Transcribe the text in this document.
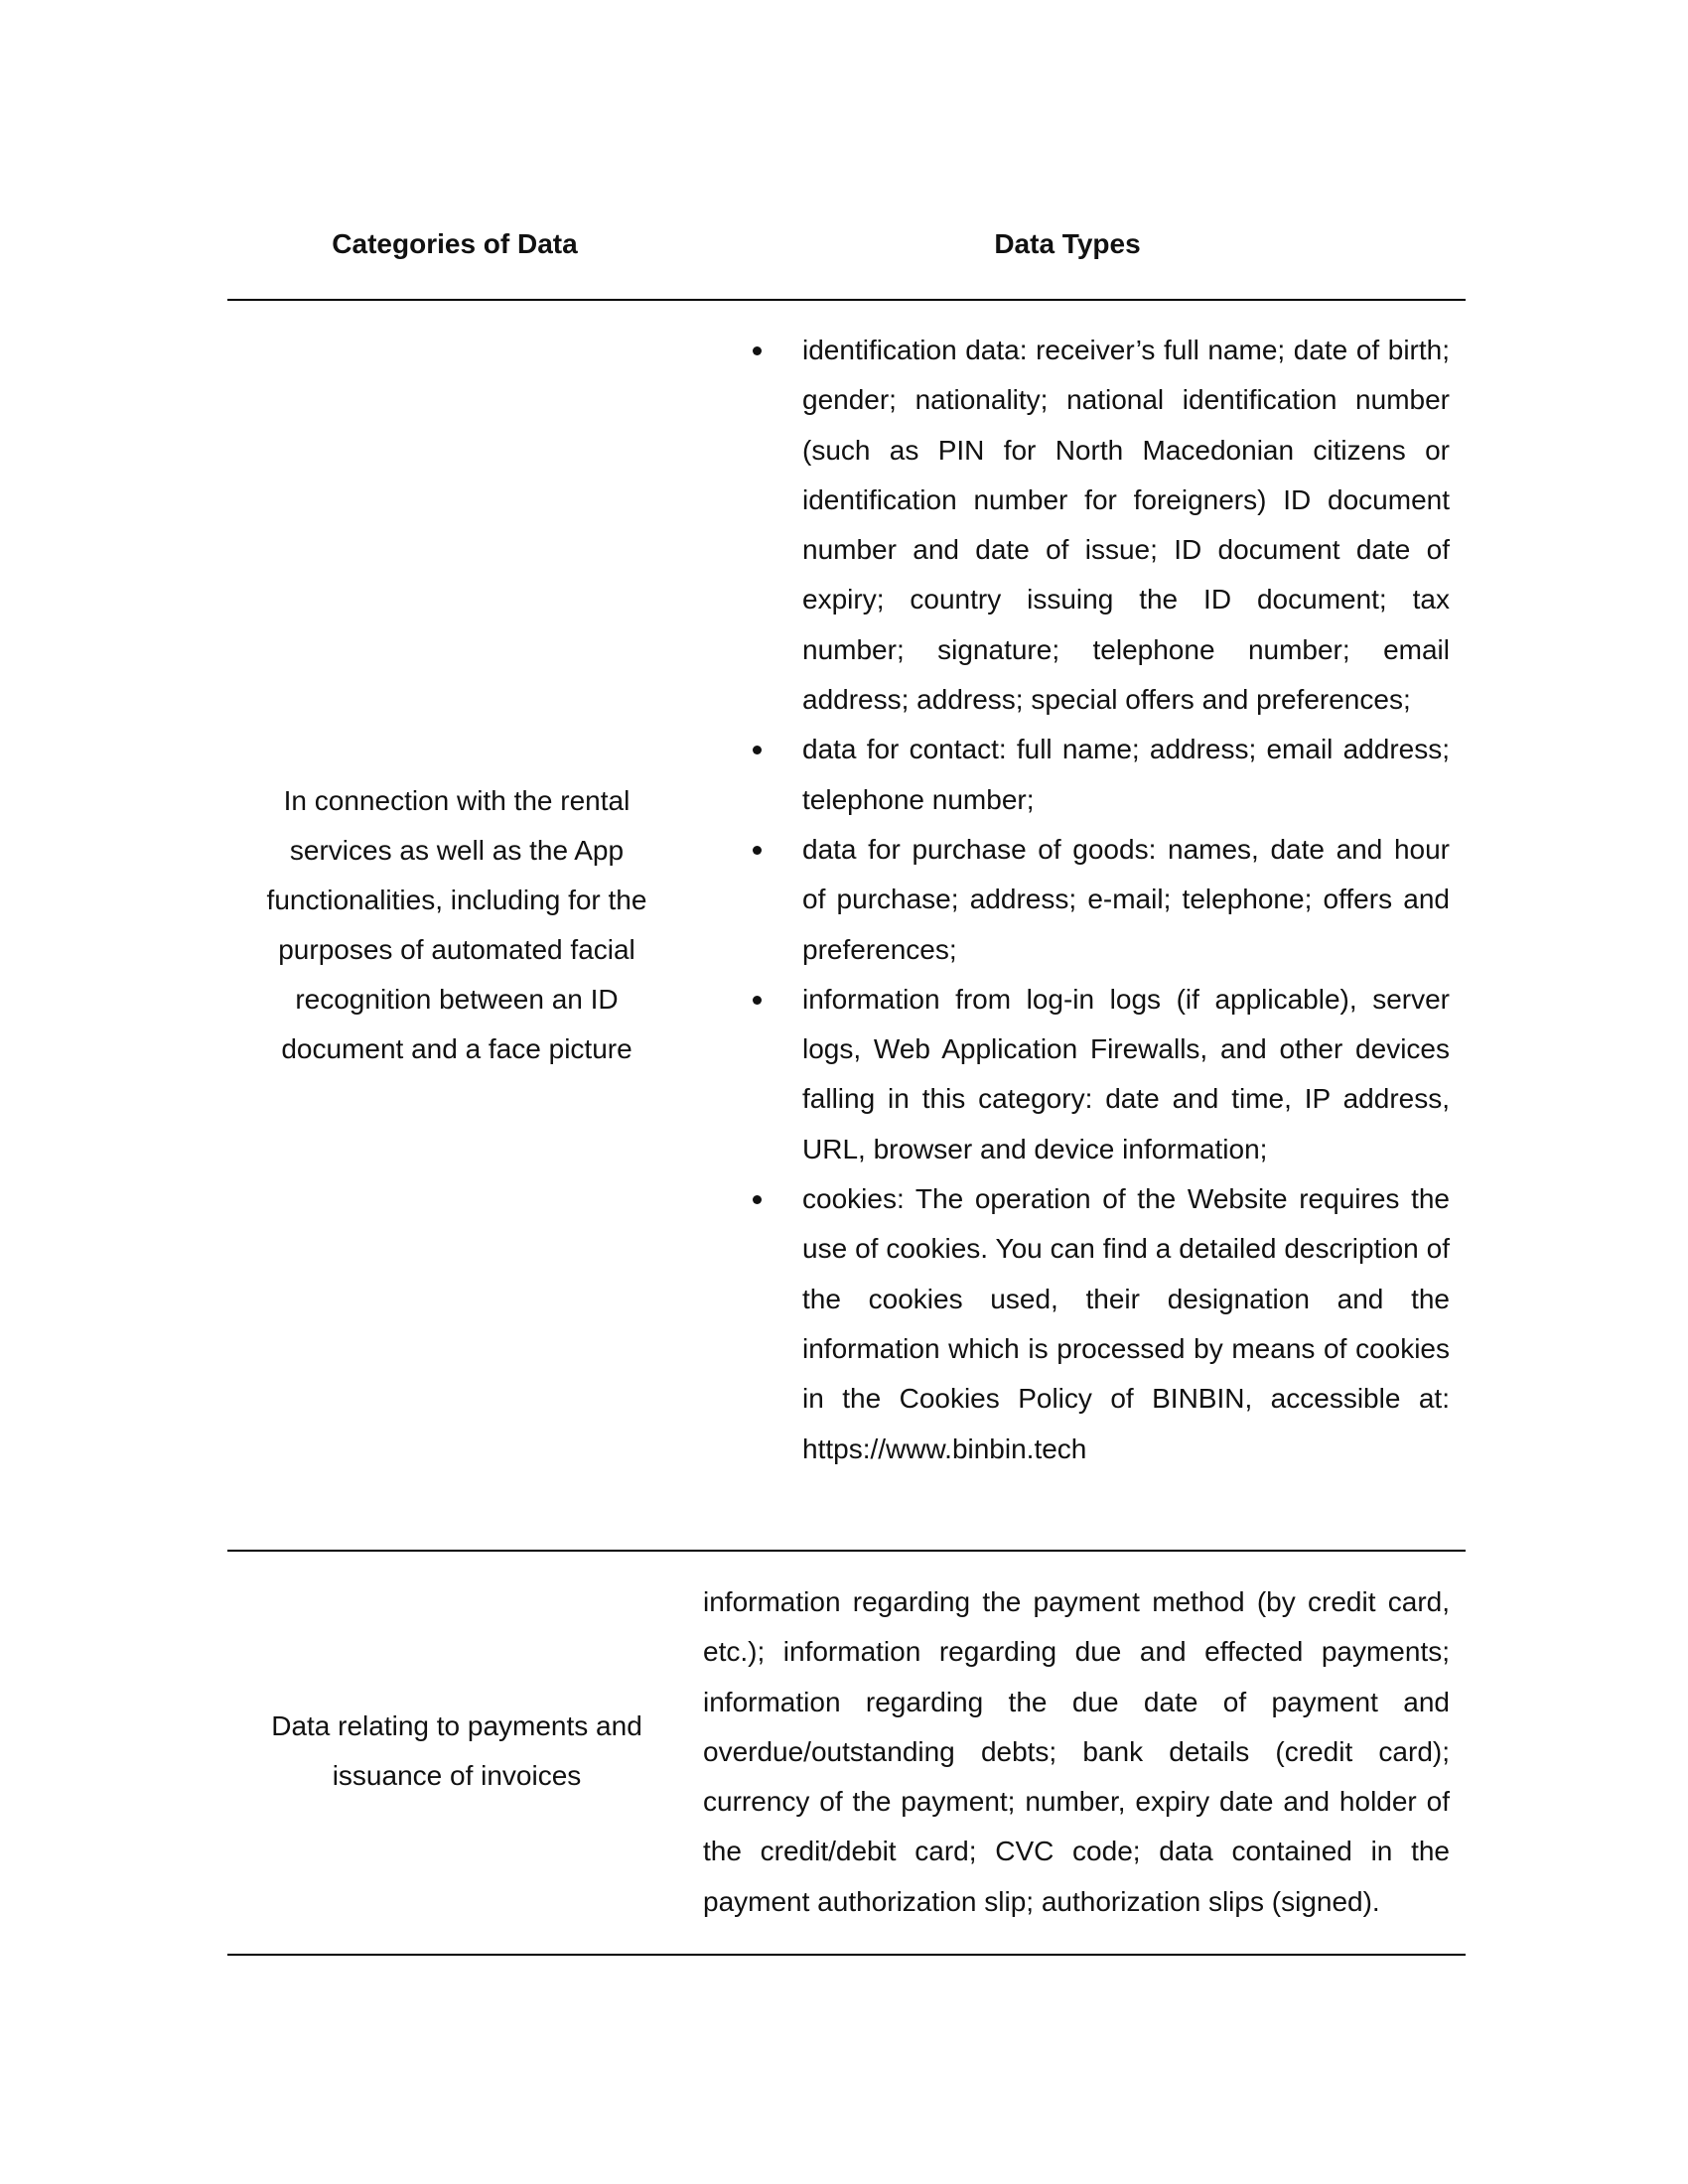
Categories of Data	Data Types
In connection with the rental services as well as the App functionalities, including for the purposes of automated facial recognition between an ID document and a face picture
identification data: receiver’s full name; date of birth; gender; nationality; national identification number (such as PIN for North Macedonian citizens or identification number for foreigners) ID document number and date of issue; ID document date of expiry; country issuing the ID document; tax number; signature; telephone number; email address; address; special offers and preferences;
data for contact: full name; address; email address; telephone number;
data for purchase of goods: names, date and hour of purchase; address; e-mail; telephone; offers and preferences;
information from log-in logs (if applicable), server logs, Web Application Firewalls, and other devices falling in this category: date and time, IP address, URL, browser and device information;
cookies: The operation of the Website requires the use of cookies. You can find a detailed description of the cookies used, their designation and the information which is processed by means of cookies in the Cookies Policy of BINBIN, accessible at: https://www.binbin.tech
Data relating to payments and issuance of invoices

information regarding the payment method (by credit card, etc.); information regarding due and effected payments; information regarding the due date of payment and overdue/outstanding debts; bank details (credit card); currency of the payment; number, expiry date and holder of the credit/debit card; CVC code; data contained in the payment authorization slip; authorization slips (signed).
